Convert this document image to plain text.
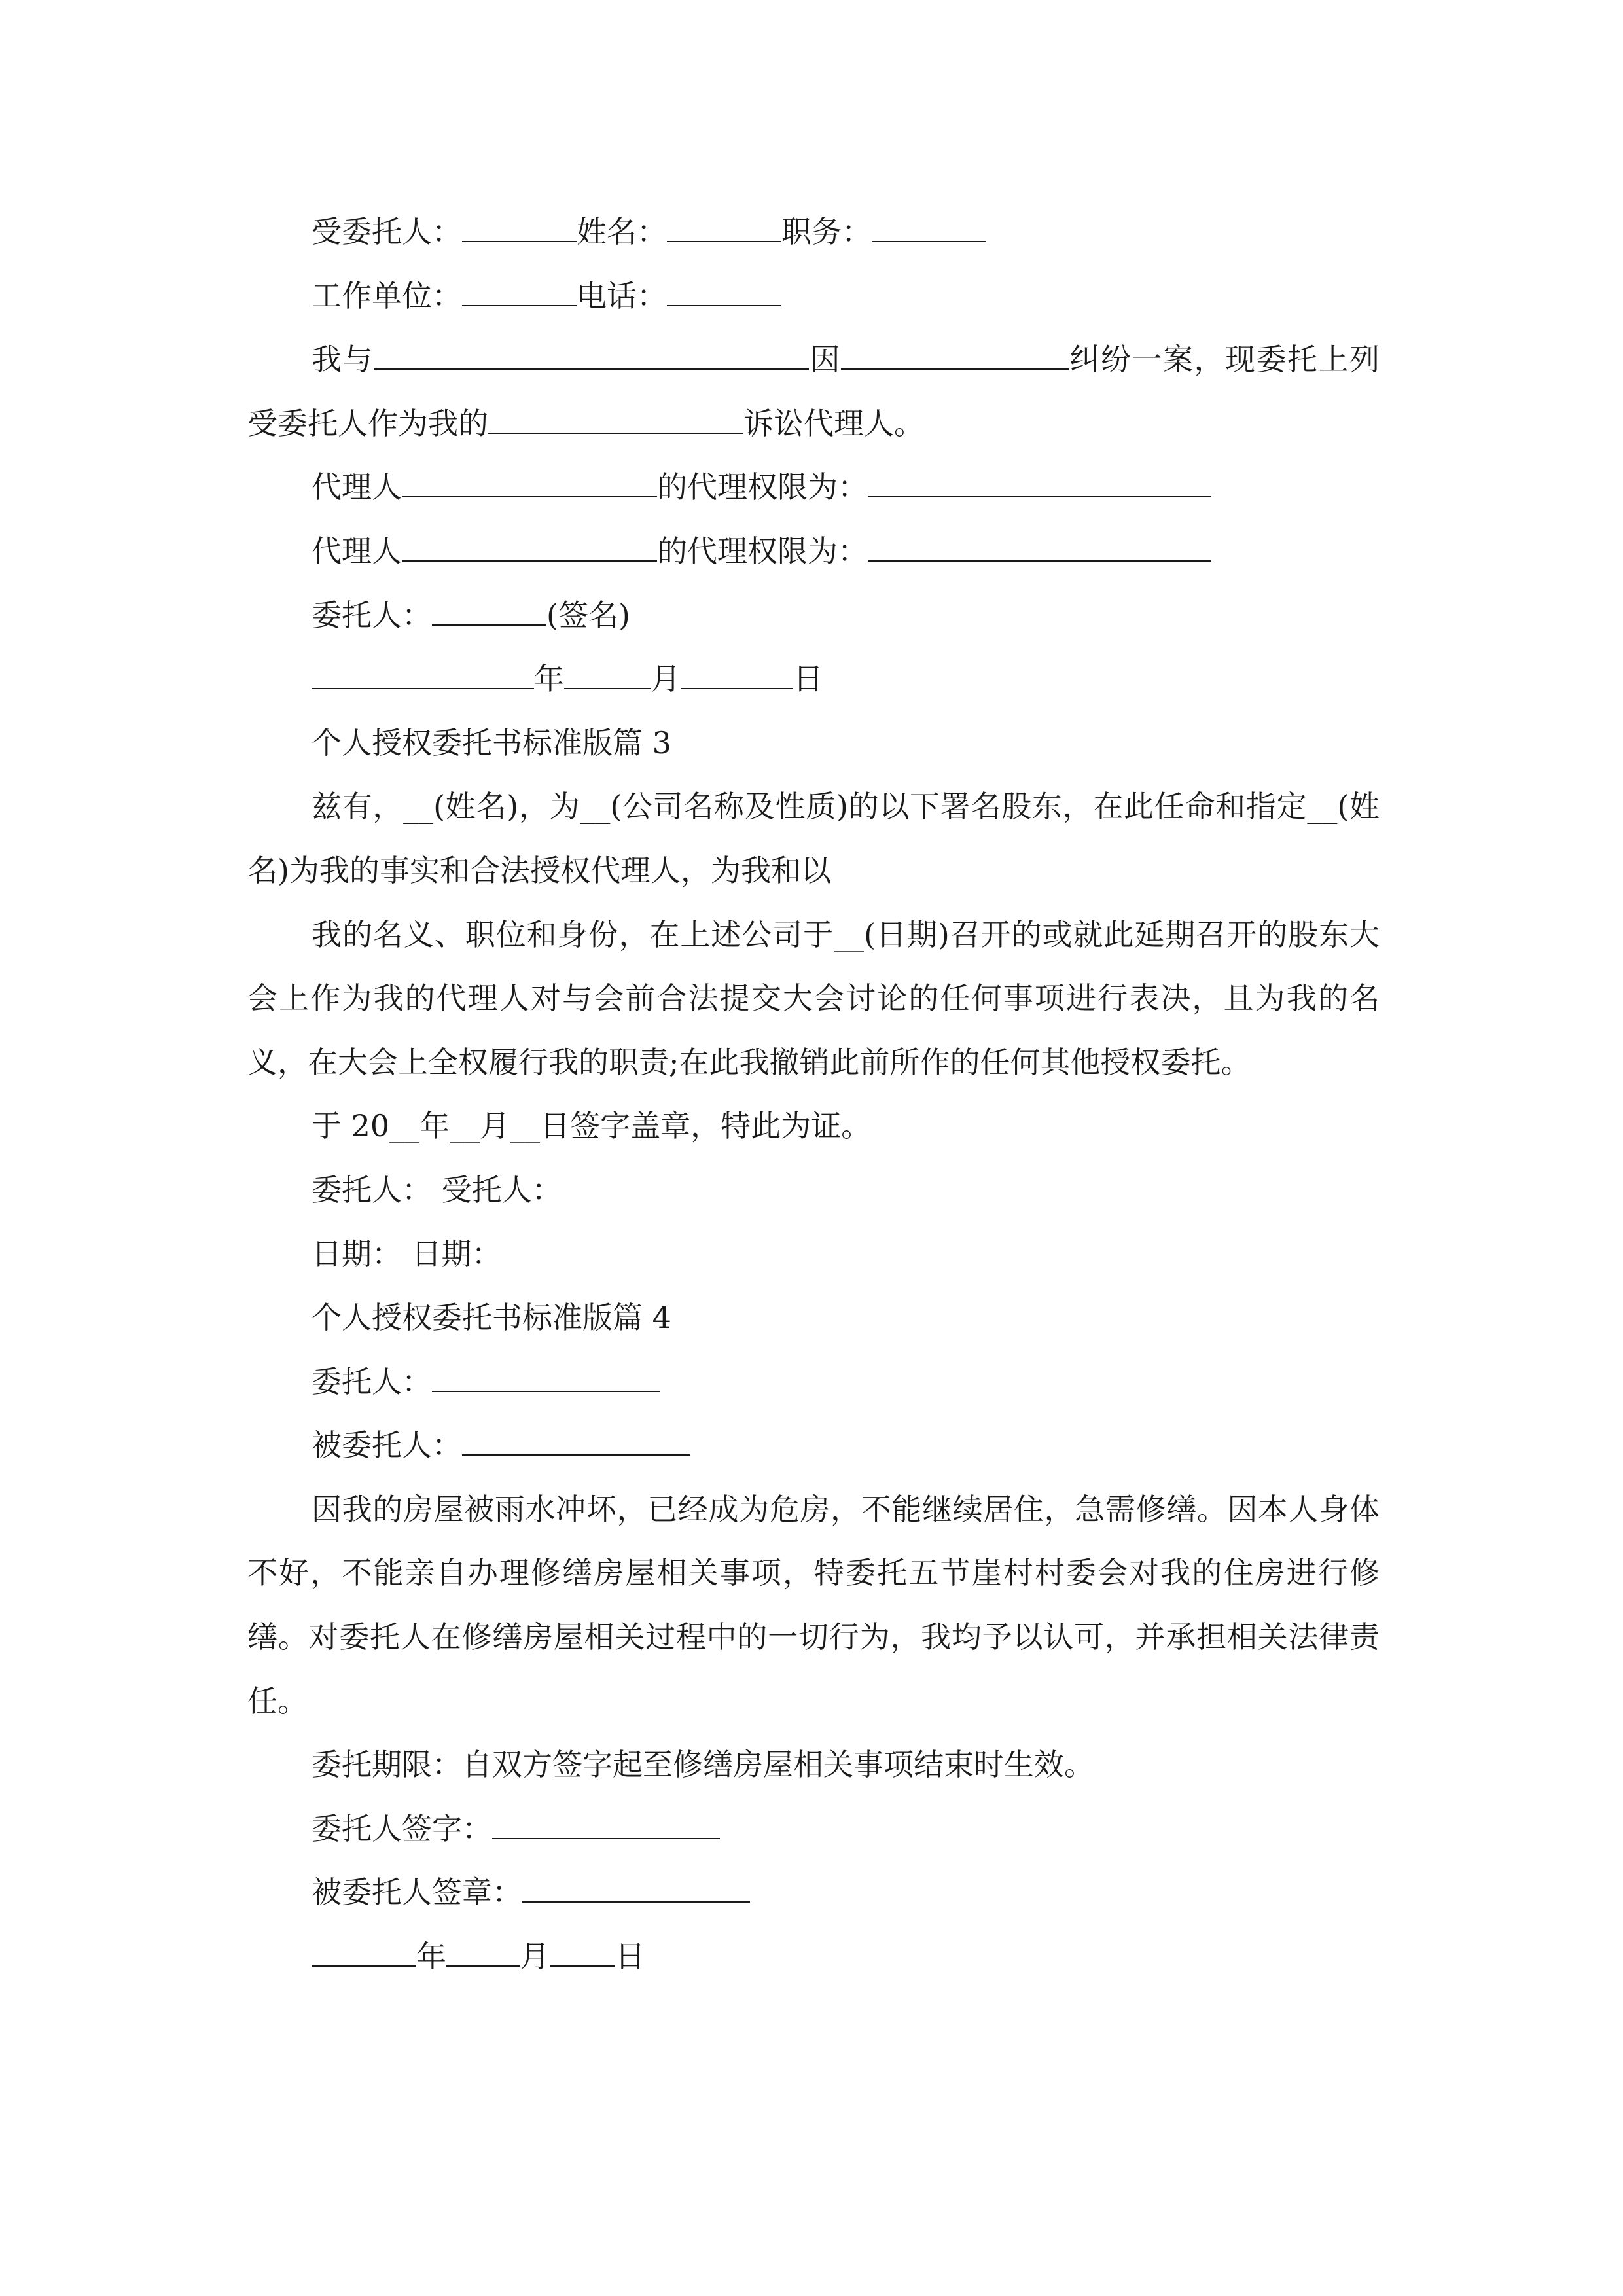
受委托人：	姓名：	职务：

工作单位：	电话：

我与	因	纠纷一案，现委托上列受委托人作为我的	诉讼代理人。

代理人	的代理权限为：

代理人	的代理权限为：

委托人：	(签名)

年	月	日

个人授权委托书标准版篇 3

兹有，__(姓名)，为__(公司名称及性质)的以下署名股东，在此任命和指定__(姓名)为我的事实和合法授权代理人，为我和以

我的名义、职位和身份，在上述公司于__(日期)召开的或就此延期召开的股东大会上作为我的代理人对与会前合法提交大会讨论的任何事项进行表决，且为我的名义，在大会上全权履行我的职责;在此我撤销此前所作的任何其他授权委托。

于 20__年__月__日签字盖章，特此为证。

委托人： 受托人：

日期： 日期：

个人授权委托书标准版篇 4

委托人：

被委托人：

因我的房屋被雨水冲坏，已经成为危房，不能继续居住，急需修缮。因本人身体不好，不能亲自办理修缮房屋相关事项，特委托五节崖村村委会对我的住房进行修缮。对委托人在修缮房屋相关过程中的一切行为，我均予以认可，并承担相关法律责任。

委托期限：自双方签字起至修缮房屋相关事项结束时生效。

委托人签字：

被委托人签章：

年 月 日
